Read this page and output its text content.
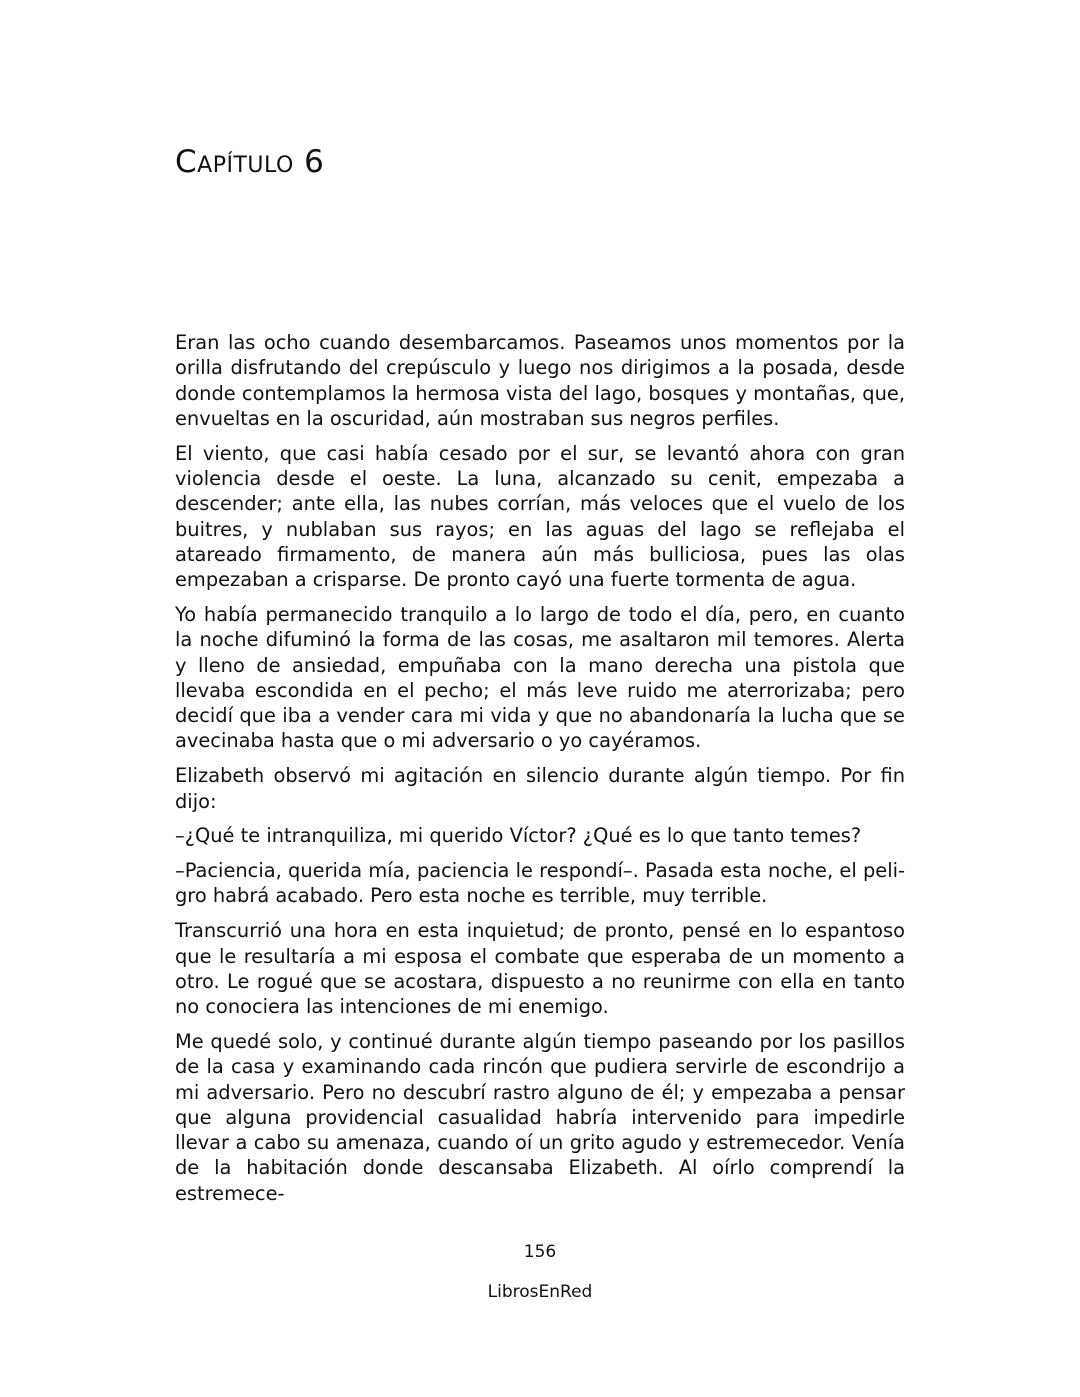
Capítulo 6

Eran las ocho cuando desembarcamos. Paseamos unos momentos por la orilla disfrutando del crepúsculo y luego nos dirigimos a la posada, desde donde contemplamos la hermosa vista del lago, bosques y montañas, que, envueltas en la oscuridad, aún mostraban sus negros perfiles.

El viento, que casi había cesado por el sur, se levantó ahora con gran violencia desde el oeste. La luna, alcanzado su cenit, empezaba a descender; ante ella, las nubes corrían, más veloces que el vuelo de los buitres, y nublaban sus rayos; en las aguas del lago se reflejaba el atareado firmamento, de manera aún más bulliciosa, pues las olas empezaban a crisparse. De pronto cayó una fuerte tormenta de agua.

Yo había permanecido tranquilo a lo largo de todo el día, pero, en cuanto la noche difuminó la forma de las cosas, me asaltaron mil temores. Alerta y lleno de ansiedad, empuñaba con la mano derecha una pistola que llevaba escondida en el pecho; el más leve ruido me aterrorizaba; pero decidí que iba a vender cara mi vida y que no abandonaría la lucha que se avecinaba hasta que o mi adversario o yo cayéramos.

Elizabeth observó mi agitación en silencio durante algún tiempo. Por fin dijo:

–¿Qué te intranquiliza, mi querido Víctor? ¿Qué es lo que tanto temes?

–Paciencia, querida mía, paciencia le respondí–. Pasada esta noche, el peligro habrá acabado. Pero esta noche es terrible, muy terrible.

Transcurrió una hora en esta inquietud; de pronto, pensé en lo espantoso que le resultaría a mi esposa el combate que esperaba de un momento a otro. Le rogué que se acostara, dispuesto a no reunirme con ella en tanto no conociera las intenciones de mi enemigo.

Me quedé solo, y continué durante algún tiempo paseando por los pasillos de la casa y examinando cada rincón que pudiera servirle de escondrijo a mi adversario. Pero no descubrí rastro alguno de él; y empezaba a pensar que alguna providencial casualidad habría intervenido para impedirle llevar a cabo su amenaza, cuando oí un grito agudo y estremecedor. Venía de la habitación donde descansaba Elizabeth. Al oírlo comprendí la estremece-

156
LibrosEnRed
